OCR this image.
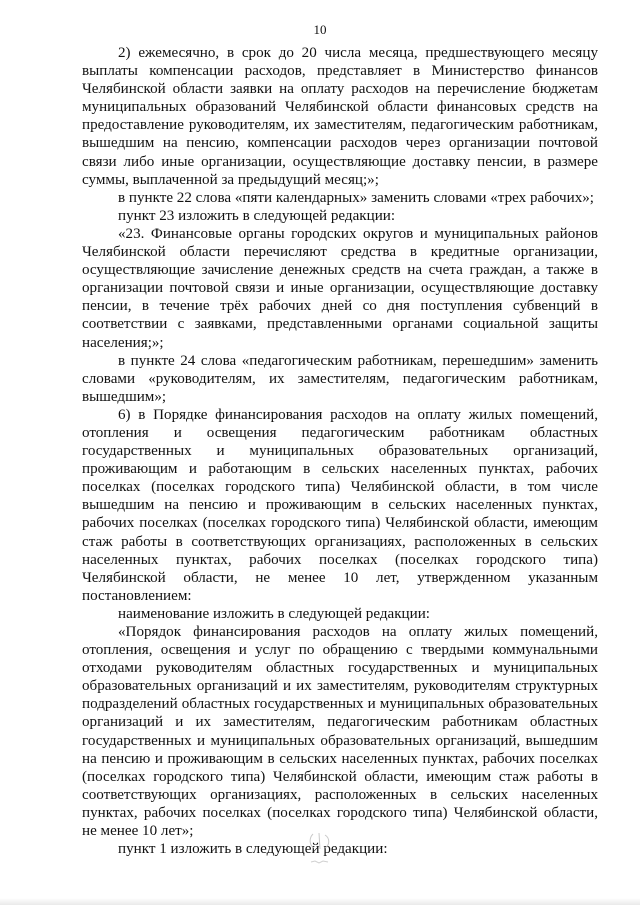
10

2) ежемесячно, в срок до 20 числа месяца, предшествующего месяцу выплаты компенсации расходов, представляет в Министерство финансов Челябинской области заявки на оплату расходов на перечисление бюджетам муниципальных образований Челябинской области финансовых средств на предоставление руководителям, их заместителям, педагогическим работникам, вышедшим на пенсию, компенсации расходов через организации почтовой связи либо иные организации, осуществляющие доставку пенсии, в размере суммы, выплаченной за предыдущий месяц;»;

в пункте 22 слова «пяти календарных» заменить словами «трех рабочих»;

пункт 23 изложить в следующей редакции:

«23. Финансовые органы городских округов и муниципальных районов Челябинской области перечисляют средства в кредитные организации, осуществляющие зачисление денежных средств на счета граждан, а также в организации почтовой связи и иные организации, осуществляющие доставку пенсии, в течение трёх рабочих дней со дня поступления субвенций в соответствии с заявками, представленными органами социальной защиты населения;»;

в пункте 24 слова «педагогическим работникам, перешедшим» заменить словами «руководителям, их заместителям, педагогическим работникам, вышедшим»;

6) в Порядке финансирования расходов на оплату жилых помещений, отопления и освещения педагогическим работникам областных государственных и муниципальных образовательных организаций, проживающим и работающим в сельских населенных пунктах, рабочих поселках (поселках городского типа) Челябинской области, в том числе вышедшим на пенсию и проживающим в сельских населенных пунктах, рабочих поселках (поселках городского типа) Челябинской области, имеющим стаж работы в соответствующих организациях, расположенных в сельских населенных пунктах, рабочих поселках (поселках городского типа) Челябинской области, не менее 10 лет, утвержденном указанным постановлением:

наименование изложить в следующей редакции:

«Порядок финансирования расходов на оплату жилых помещений, отопления, освещения и услуг по обращению с твердыми коммунальными отходами руководителям областных государственных и муниципальных образовательных организаций и их заместителям, руководителям структурных подразделений областных государственных и муниципальных образовательных организаций и их заместителям, педагогическим работникам областных государственных и муниципальных образовательных организаций, вышедшим на пенсию и проживающим в сельских населенных пунктах, рабочих поселках (поселках городского типа) Челябинской области, имеющим стаж работы в соответствующих организациях, расположенных в сельских населенных пунктах, рабочих поселках (поселках городского типа) Челябинской области, не менее 10 лет»;

пункт 1 изложить в следующей редакции:
